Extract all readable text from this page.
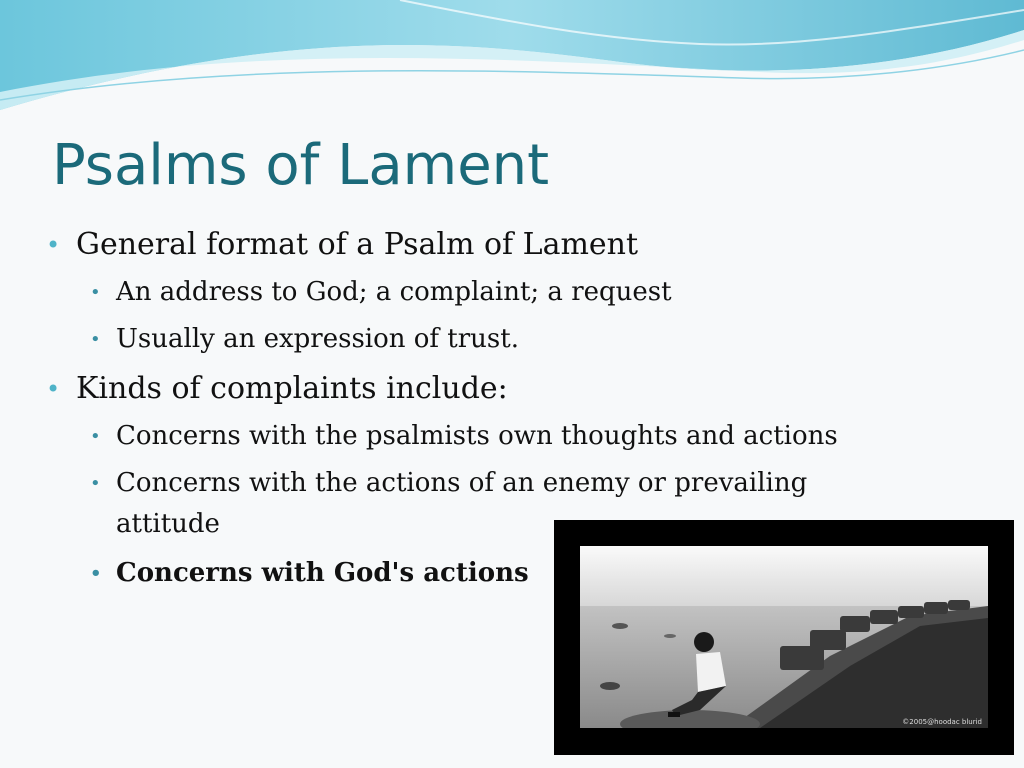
Psalms of Lament
• General format of a Psalm of Lament
• An address to God; a complaint; a request
• Usually an expression of trust.
• Kinds of complaints include:
• Concerns with the psalmists own thoughts and actions
• Concerns with the actions of an enemy or prevailing attitude
• Concerns with God's actions
©2005@hoodac blurid
